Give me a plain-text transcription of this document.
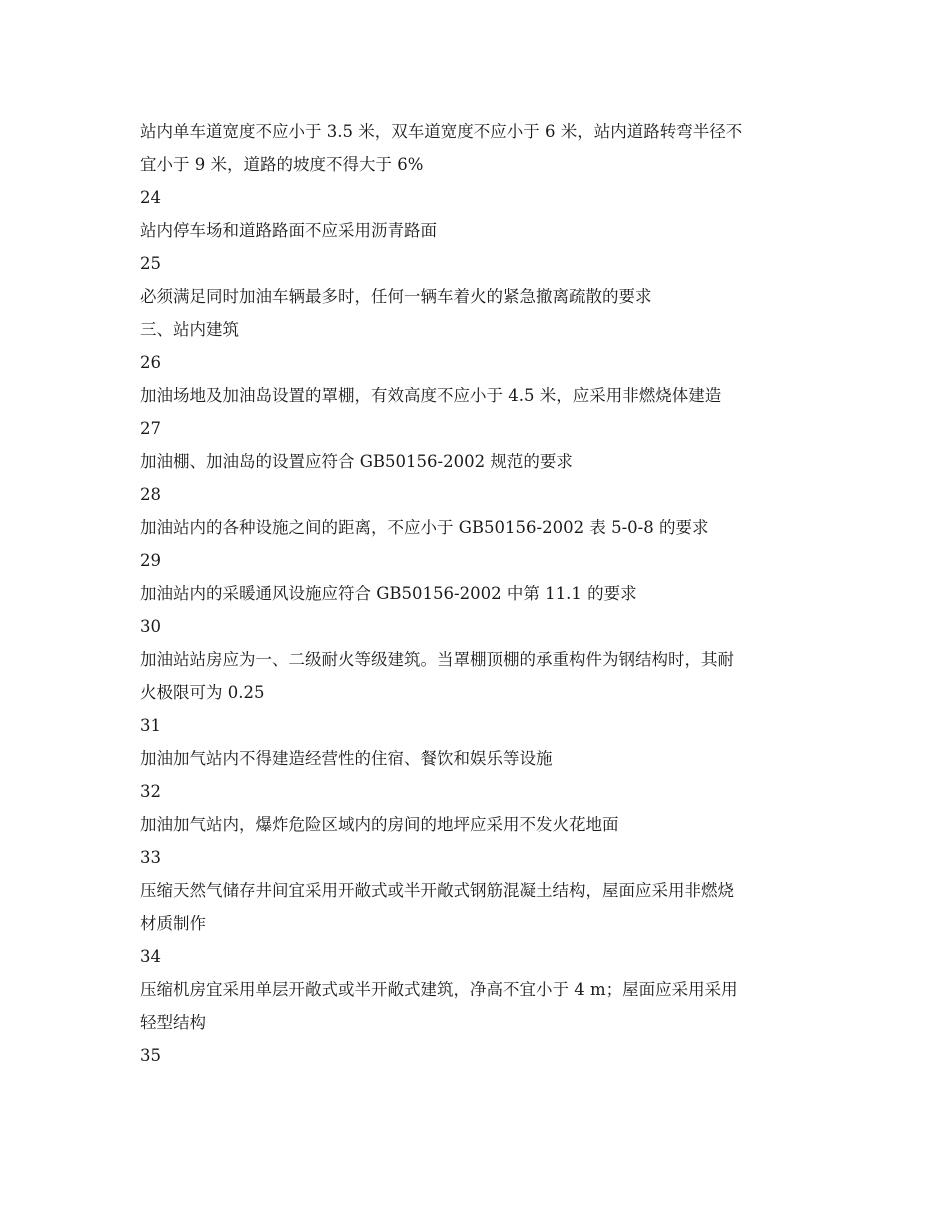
站内单车道宽度不应小于 3.5 米，双车道宽度不应小于 6 米，站内道路转弯半径不
宜小于 9 米，道路的坡度不得大于 6%
24
站内停车场和道路路面不应采用沥青路面
25
必须满足同时加油车辆最多时，任何一辆车着火的紧急撤离疏散的要求
三、站内建筑
26
加油场地及加油岛设置的罩棚，有效高度不应小于 4.5 米，应采用非燃烧体建造
27
加油棚、加油岛的设置应符合 GB50156-2002 规范的要求
28
加油站内的各种设施之间的距离，不应小于 GB50156-2002 表 5-0-8 的要求
29
加油站内的采暖通风设施应符合 GB50156-2002 中第 11.1 的要求
30
加油站站房应为一、二级耐火等级建筑。当罩棚顶棚的承重构件为钢结构时，其耐
火极限可为 0.25
31
加油加气站内不得建造经营性的住宿、餐饮和娱乐等设施
32
加油加气站内，爆炸危险区域内的房间的地坪应采用不发火花地面
33
压缩天然气储存井间宜采用开敞式或半开敞式钢筋混凝土结构，屋面应采用非燃烧
材质制作
34
压缩机房宜采用单层开敞式或半开敞式建筑，净高不宜小于 4 m；屋面应采用采用
轻型结构
35
